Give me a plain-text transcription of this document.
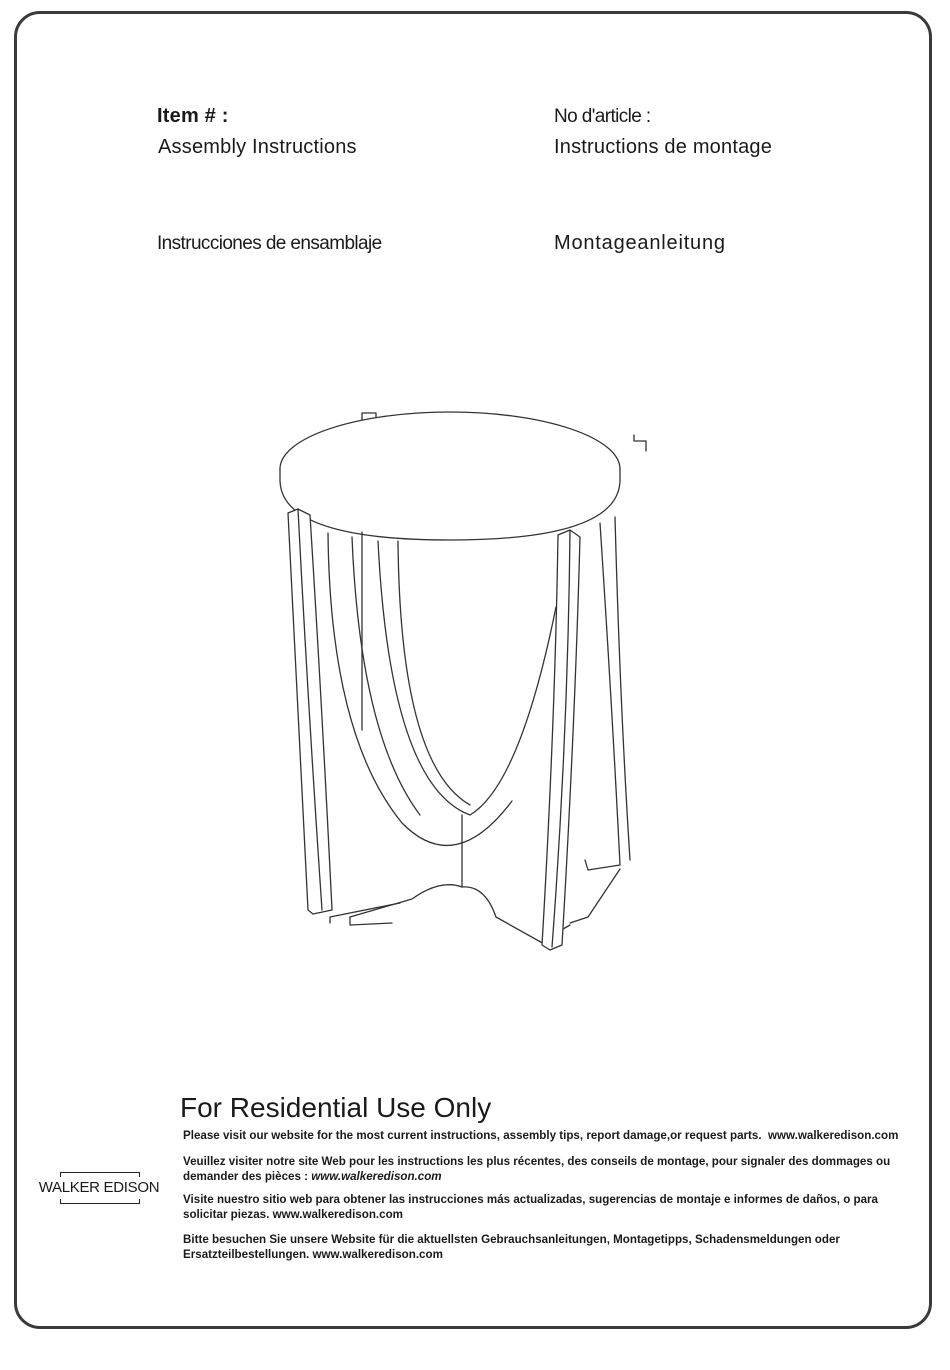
Item # :	No d'article :
Assembly Instructions	Instructions de montage
Instrucciones de ensamblaje	Montageanleitung
For Residential Use Only
Please visit our website for the most current instructions, assembly tips, report damage,or request parts. www.walkeredison.com
Veuillez visiter notre site Web pour les instructions les plus récentes, des conseils de montage, pour signaler des dommages ou demander des pièces : www.walkeredison.com
Visite nuestro sitio web para obtener las instrucciones más actualizadas, sugerencias de montaje e informes de daños, o para solicitar piezas. www.walkeredison.com
Bitte besuchen Sie unsere Website für die aktuellsten Gebrauchsanleitungen, Montagetipps, Schadensmeldungen oder Ersatzteilbestellungen. www.walkeredison.com
WALKER EDISON
